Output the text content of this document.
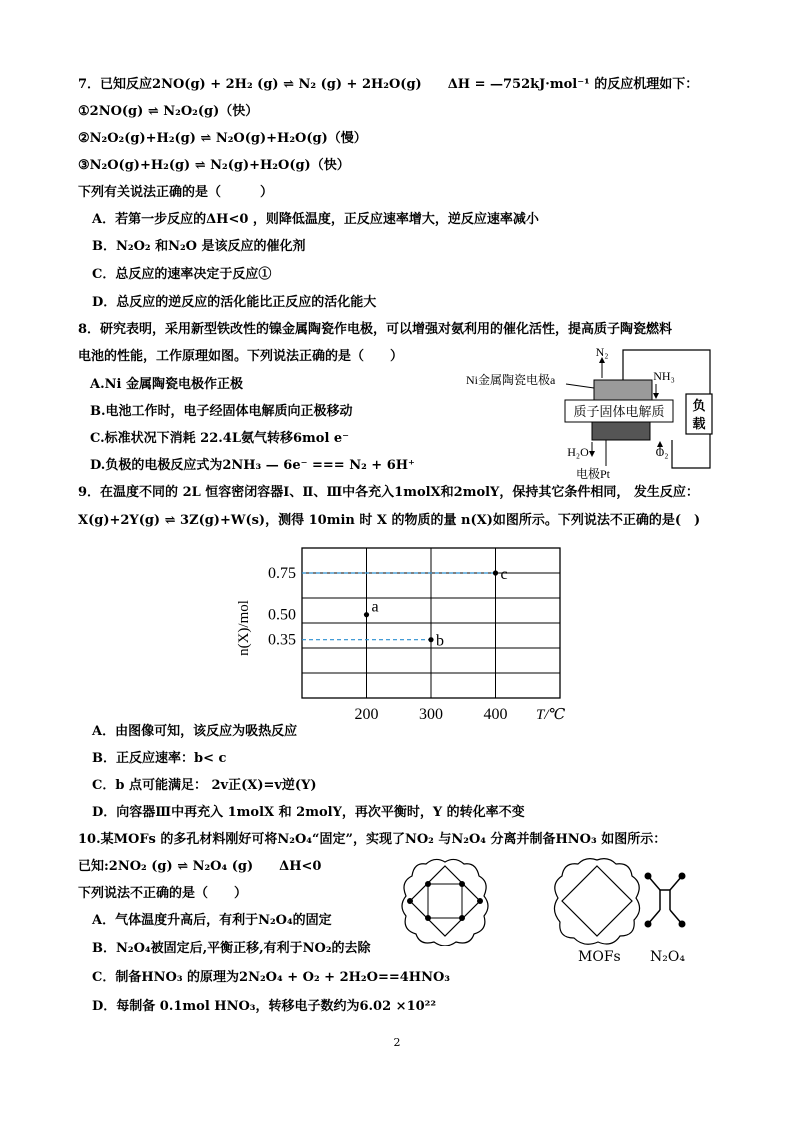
7．已知反应2NO(g) + 2H₂ (g) ⇌ N₂ (g) + 2H₂O(g)　　ΔH = —752kJ·mol⁻¹ 的反应机理如下：
①2NO(g) ⇌ N₂O₂(g)（快）
②N₂O₂(g)+H₂(g) ⇌ N₂O(g)+H₂O(g)（慢）
③N₂O(g)+H₂(g) ⇌ N₂(g)+H₂O(g)（快）
下列有关说法正确的是（　　　）
A．若第一步反应的ΔH<0 ，则降低温度，正反应速率增大，逆反应速率减小
B．N₂O₂ 和N₂O 是该反应的催化剂
C．总反应的速率决定于反应①
D．总反应的逆反应的活化能比正反应的活化能大
8．研究表明，采用新型铁改性的镍金属陶瓷作电极，可以增强对氨利用的催化活性，提高质子陶瓷燃料
电池的性能，工作原理如图。下列说法正确的是（　　）
A.Ni 金属陶瓷电极作正极
B.电池工作时，电子经固体电解质向正极移动
C.标准状况下消耗 22.4L氨气转移6mol e⁻
D.负极的电极反应式为2NH₃ — 6e⁻ === N₂ + 6H⁺
负
载
质子固体电解质
N₂
NH₃
H₂O	O₂
Ni金属陶瓷电极a
电极Pt
9．在温度不同的 2L 恒容密闭容器Ⅰ、Ⅱ、Ⅲ中各充入1molX和2molY，保持其它条件相同， 发生反应：
X(g)+2Y(g) ⇌ 3Z(g)+W(s)，测得 10min 时 X 的物质的量 n(X)如图所示。下列说法不正确的是(　)
200	300	400
0.75
0.50
0.35
a
b
c
n(X)/mol
T/℃
A．由图像可知，该反应为吸热反应
B．正反应速率：b< c
C．b 点可能满足： 2v正(X)=v逆(Y)
D．向容器Ⅲ中再充入 1molX 和 2molY，再次平衡时，Y 的转化率不变
10.某MOFs 的多孔材料刚好可将N₂O₄“固定”，实现了NO₂ 与N₂O₄ 分离并制备HNO₃ 如图所示：
已知:2NO₂ (g) ⇌ N₂O₄ (g)　　ΔH<0
下列说法不正确的是（　　）
A．气体温度升高后，有利于N₂O₄的固定
B．N₂O₄被固定后,平衡正移,有利于NO₂的去除
C．制备HNO₃ 的原理为2N₂O₄ + O₂ + 2H₂O==4HNO₃
D．每制备 0.1mol HNO₃，转移电子数约为6.02 ×10²²
MOFs N₂O₄
2
